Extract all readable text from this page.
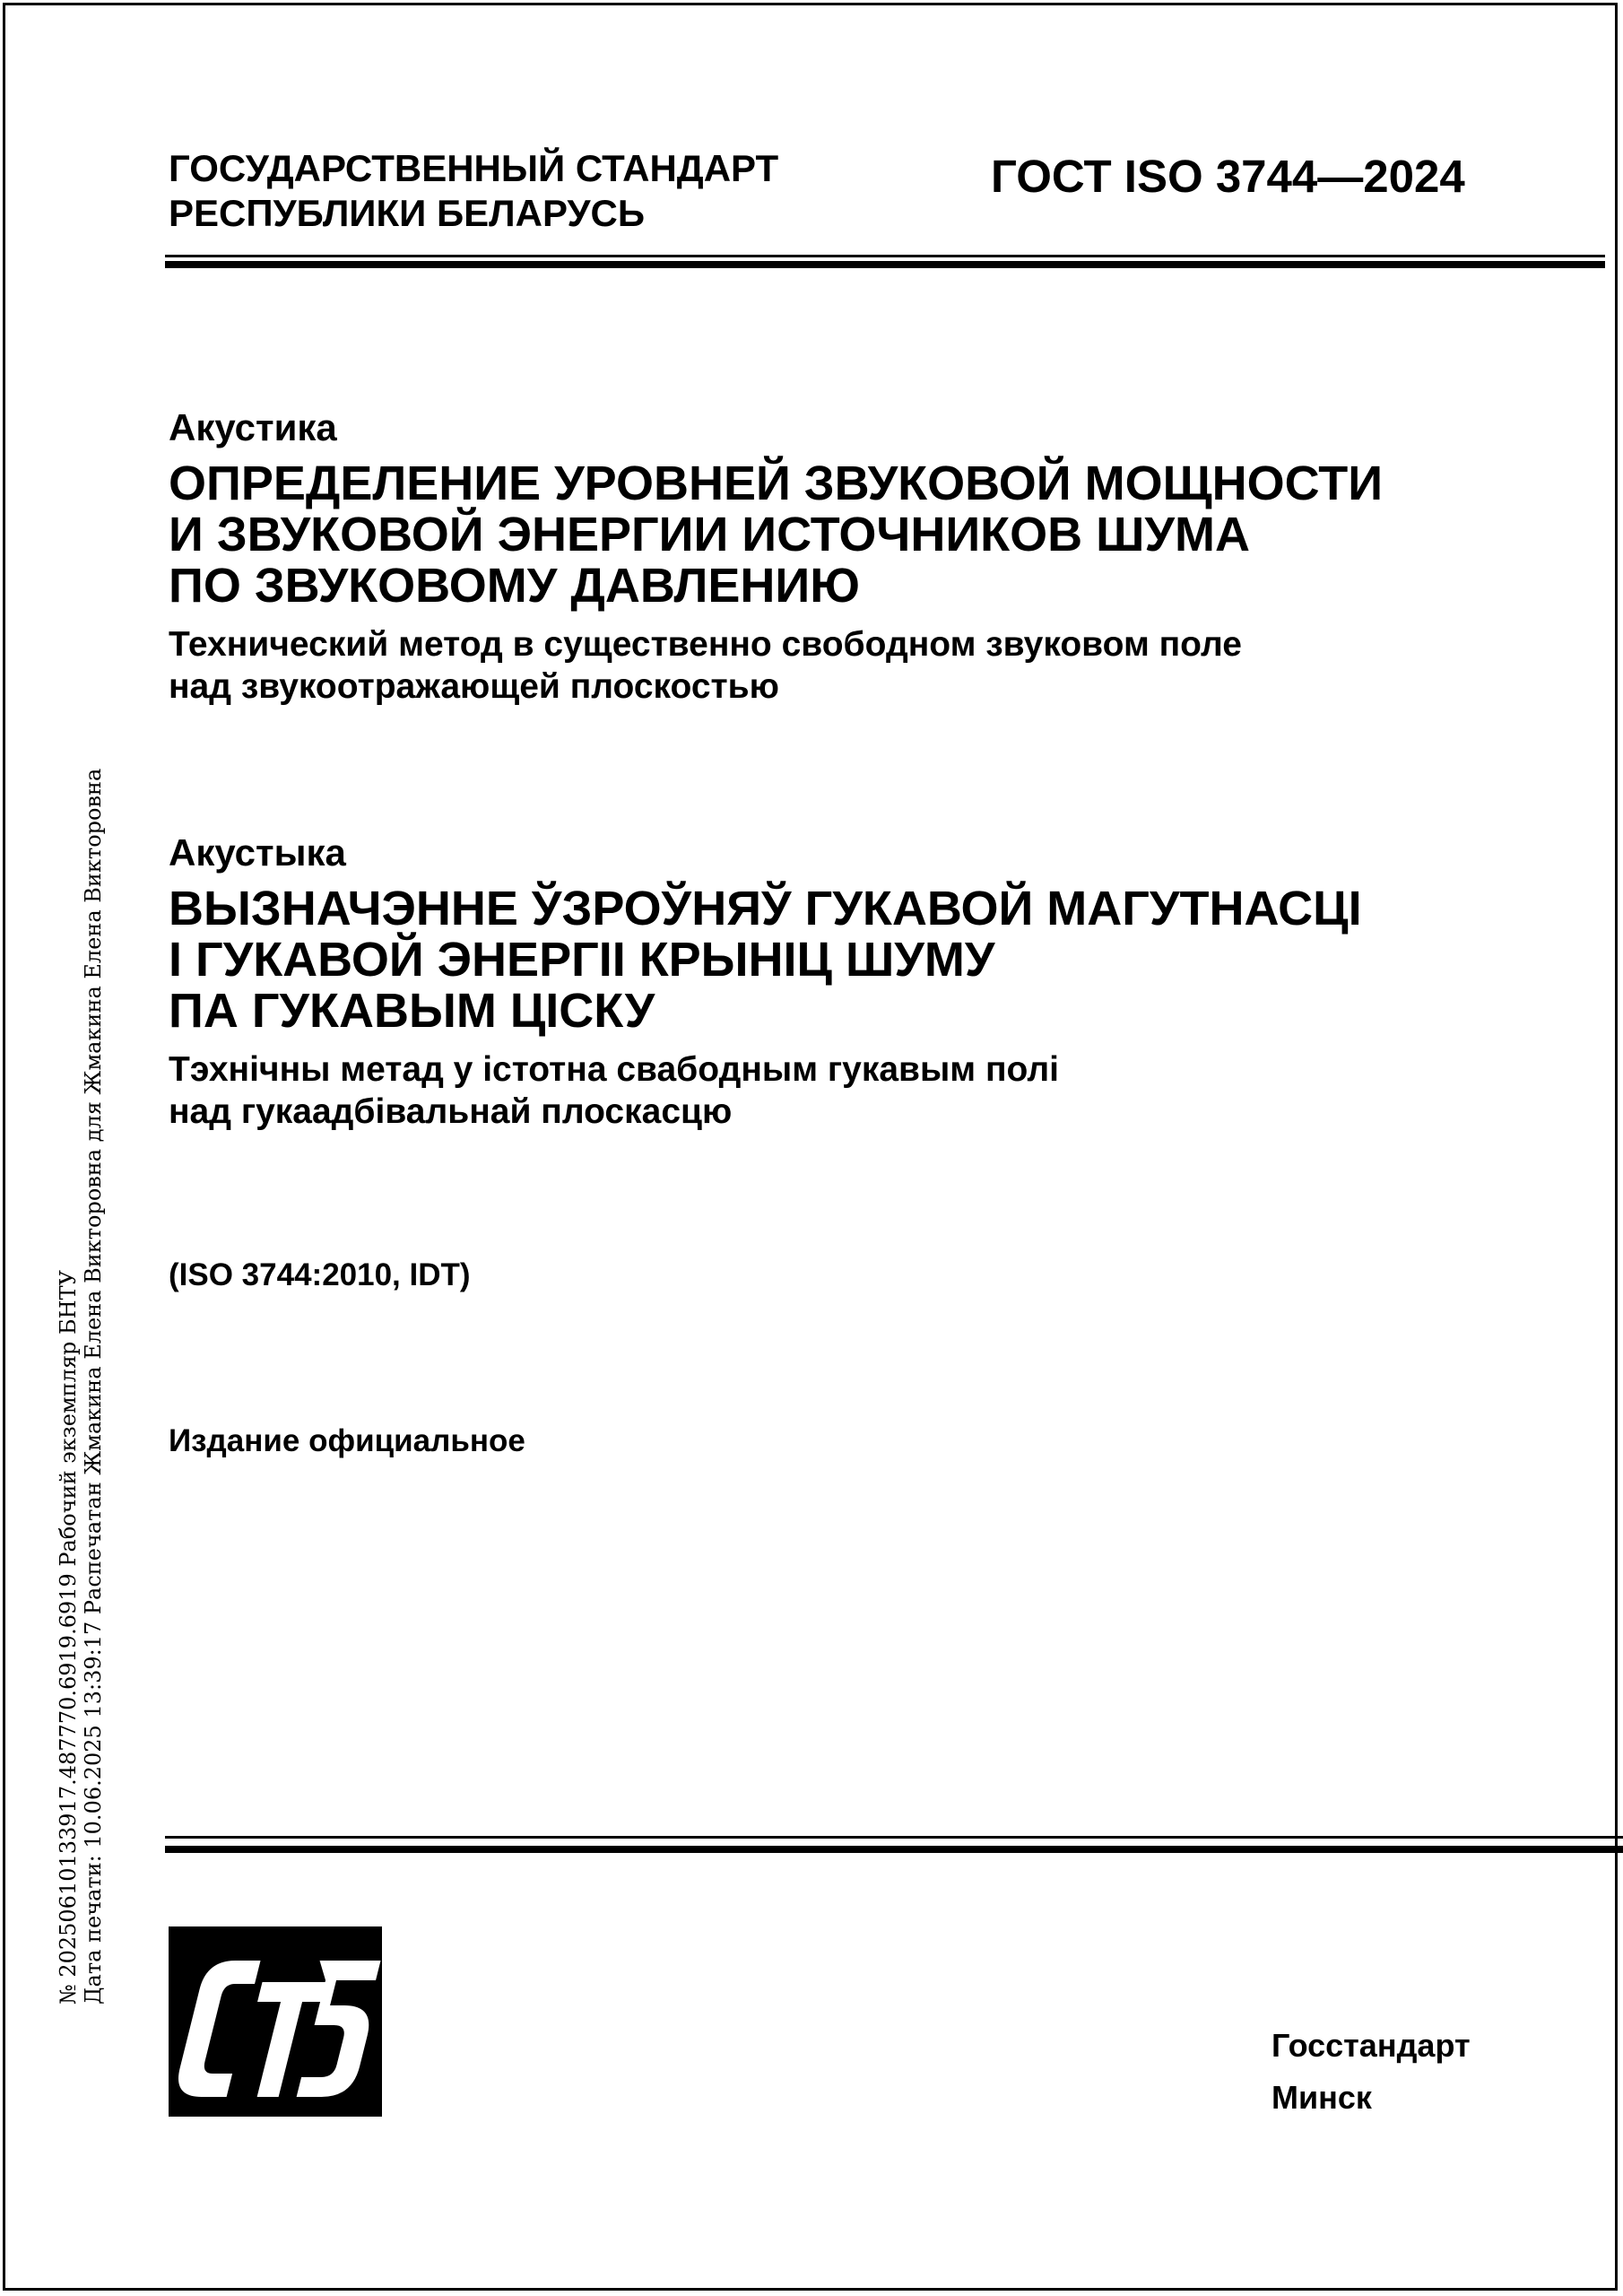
ГОСУДАРСТВЕННЫЙ СТАНДАРТ
РЕСПУБЛИКИ БЕЛАРУСЬ
ГОСТ ISO 3744—2024
Акустика
ОПРЕДЕЛЕНИЕ УРОВНЕЙ ЗВУКОВОЙ МОЩНОСТИ
И ЗВУКОВОЙ ЭНЕРГИИ ИСТОЧНИКОВ ШУМА
ПО ЗВУКОВОМУ ДАВЛЕНИЮ
Технический метод в существенно свободном звуковом поле
над звукоотражающей плоскостью
Акустыка
ВЫЗНАЧЭННЕ ЎЗРОЎНЯЎ ГУКАВОЙ МАГУТНАСЦІ
І ГУКАВОЙ ЭНЕРГІІ КРЫНІЦ ШУМУ
ПА ГУКАВЫМ ЦІСКУ
Тэхнічны метад у істотна свабодным гукавым полі
над гукаадбівальнай плоскасцю
(ISO 3744:2010, IDT)
Издание официальное
Госстандарт
Минск
№ 20250610133917.487770.6919.6919 Рабочий экземпляр БНТУ Дата печати: 10.06.2025 13:39:17 Распечатан Жмакина Елена Викторовна для Жмакина Елена Викторовна
